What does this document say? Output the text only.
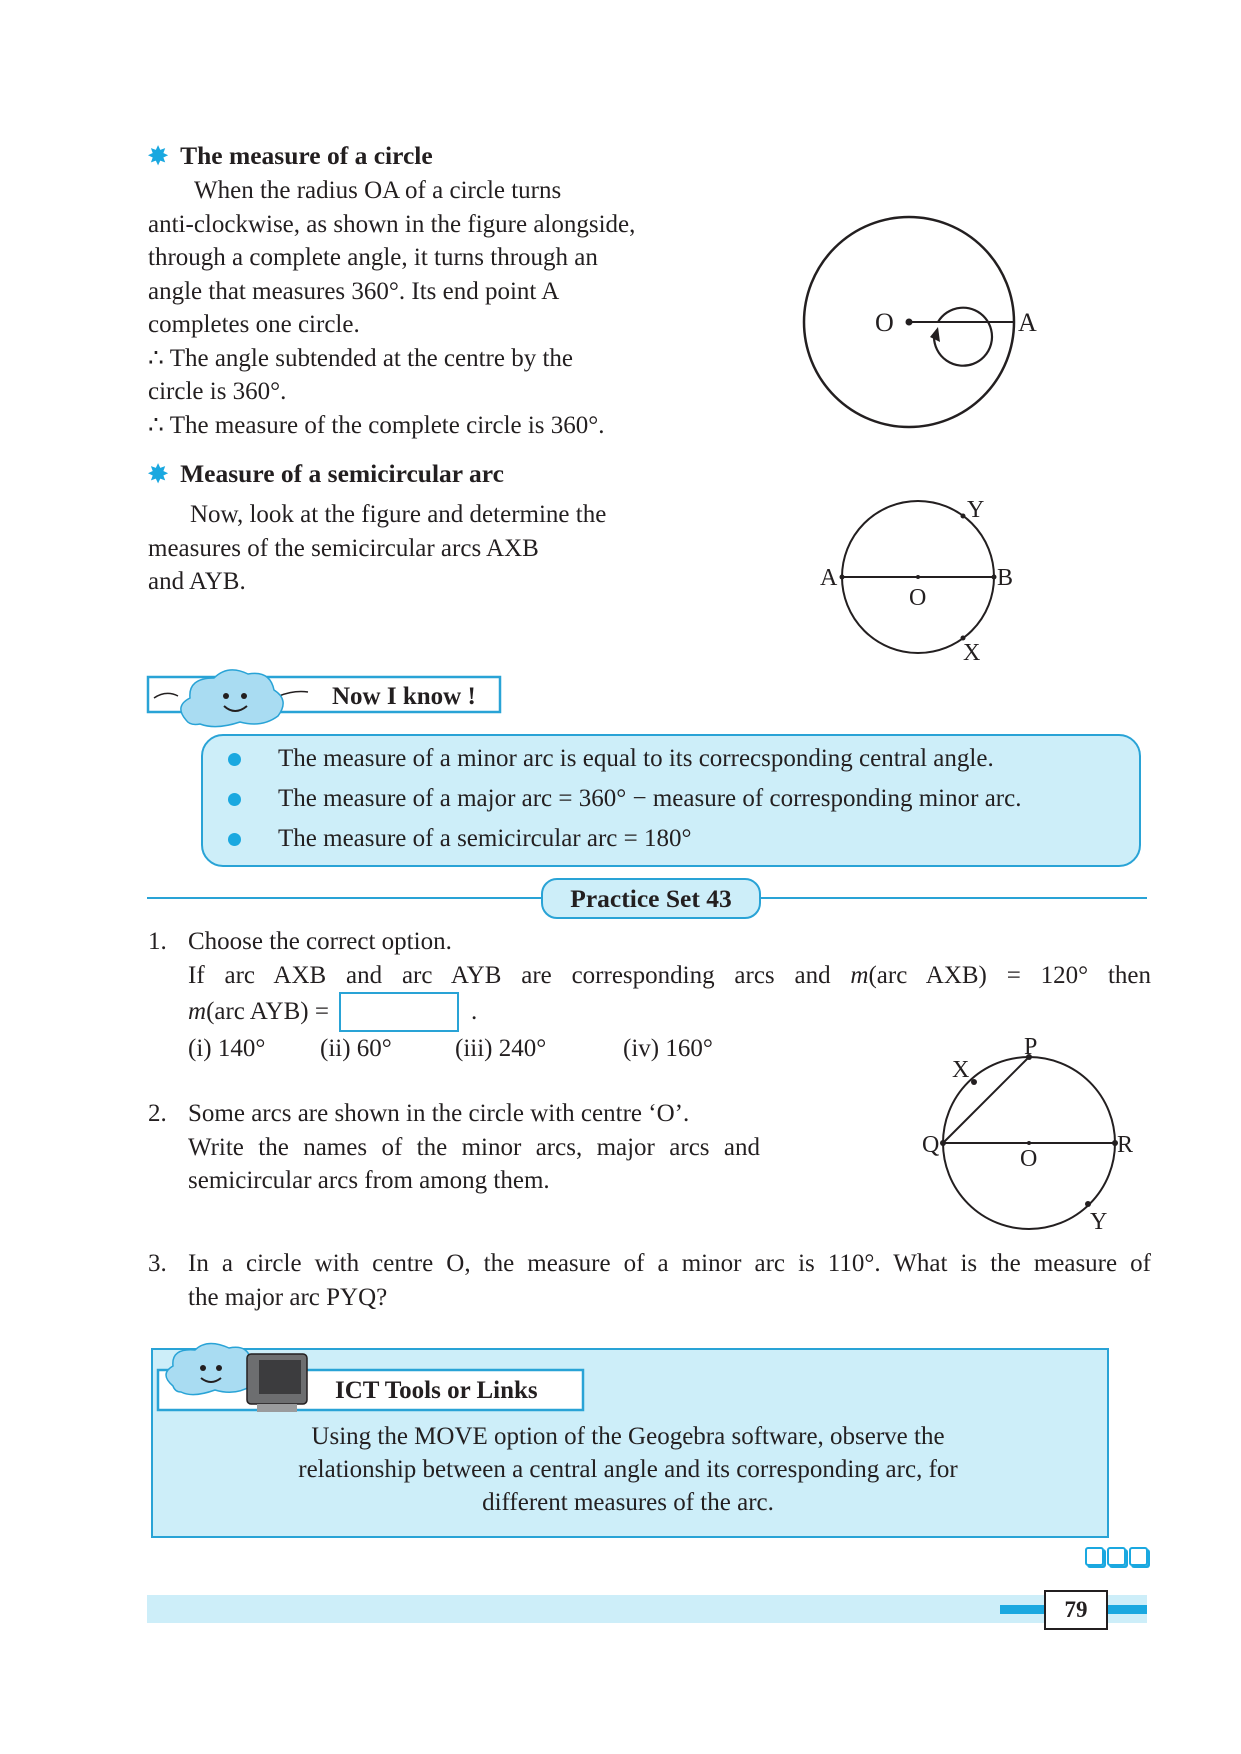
✸ The measure of a circle
When the radius OA of a circle turns
anti-clockwise, as shown in the figure alongside,
through a complete angle, it turns through an
angle that measures 360°. Its end point A
completes one circle.
∴ The angle subtended at the centre by the
circle is 360°.
∴ The measure of the complete circle is 360°.
O	A
✸ Measure of a semicircular arc
Now, look at the figure and determine the
measures of the semicircular arcs AXB
and AYB.	A	B
O
Y
X
Now I know !
The measure of a minor arc is equal to its correcsponding central angle.
The measure of a major arc = 360° − measure of corresponding minor arc.
The measure of a semicircular arc = 180°
Practice Set 43
1. Choose the correct option.
If arc AXB and arc AYB are corresponding arcs and m(arc AXB) = 120° then
m (arc AYB) =	.
(i) 140° (ii) 60°	(iii) 240°	(iv) 160°
2. Some arcs are shown in the circle with centre ‘O’.
Write the names of the minor arcs, major arcs and
semicircular arcs from among them.
P
X
Q	R
O
Y
3. In a circle with centre O, the measure of a minor arc is 110°. What is the measure of
the major arc PYQ?
ICT Tools or Links
Using the MOVE option of the Geogebra software, observe the
relationship between a central angle and its corresponding arc, for
different measures of the arc.
79
